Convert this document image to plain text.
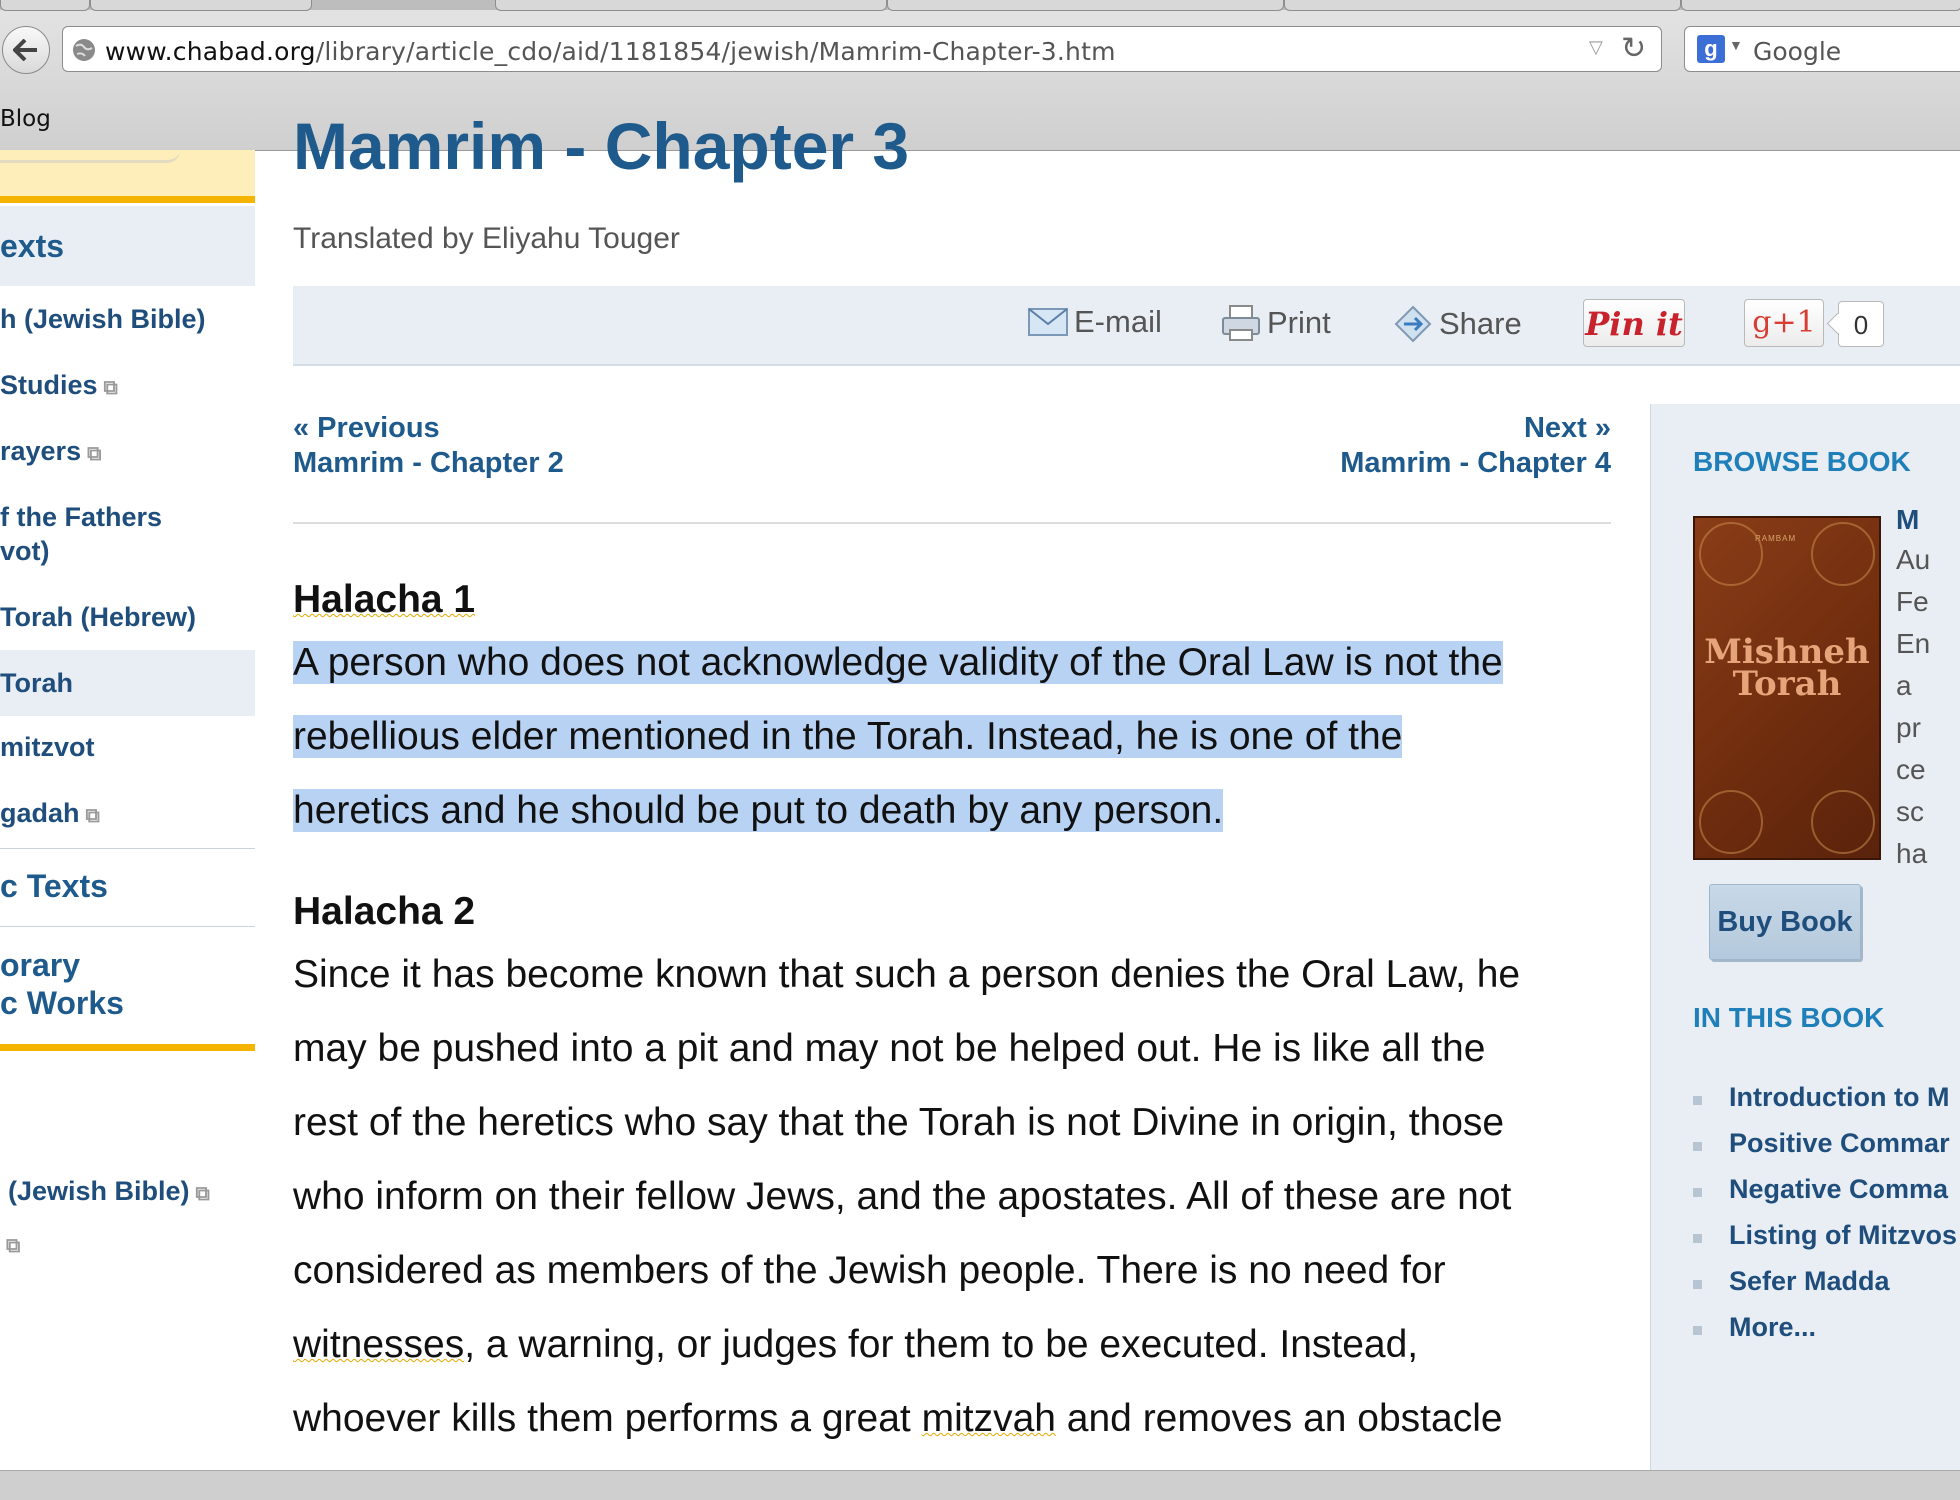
www.chabad.org/library/article_cdo/aid/1181854/jewish/Mamrim-Chapter-3.htm	▽ ↻	g ▼ Google
Blog
exts
h (Jewish Bible)
Studies ⧉
rayers ⧉
f the Fathers
vot)
Torah (Hebrew)
Torah
mitzvot
gadah ⧉
c Texts
orary
c Works
(Jewish Bible) ⧉
⧉
Mamrim - Chapter 3
Translated by Eliyahu Touger
E-mail	Print	Share Pin it g+1	0
« Previous
Mamrim - Chapter 2
Next »
Mamrim - Chapter 4
Halacha 1
A person who does not acknowledge validity of the Oral Law is not the
rebellious elder mentioned in the Torah. Instead, he is one of the
heretics and he should be put to death by any person.
Halacha 2
Since it has become known that such a person denies the Oral Law, he
may be pushed into a pit and may not be helped out. He is like all the
rest of the heretics who say that the Torah is not Divine in origin, those
who inform on their fellow Jews, and the apostates. All of these are not
considered as members of the Jewish people. There is no need for
witnesses, a warning, or judges for them to be executed. Instead,
whoever kills them performs a great mitzvah and removes an obstacle
BROWSE BOOK
RAMBAM
Mishneh Torah
M
Au
Fe
En
a
pr
ce
sc
ha
Buy Book
IN THIS BOOK
Introduction to M
Positive Commar
Negative Comma
Listing of Mitzvos
Sefer Madda
More...
